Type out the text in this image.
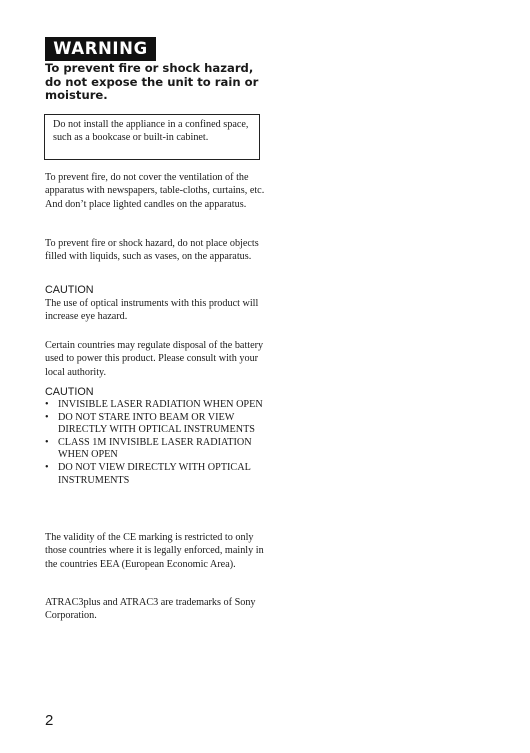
WARNING

To prevent fire or shock hazard, do not expose the unit to rain or moisture.

Do not install the appliance in a confined space, such as a bookcase or built-in cabinet.

To prevent fire, do not cover the ventilation of the apparatus with newspapers, table-cloths, curtains, etc. And don’t place lighted candles on the apparatus.

To prevent fire or shock hazard, do not place objects filled with liquids, such as vases, on the apparatus.

CAUTION
The use of optical instruments with this product will increase eye hazard.

Certain countries may regulate disposal of the battery used to power this product. Please consult with your local authority.

CAUTION
• INVISIBLE LASER RADIATION WHEN OPEN
• DO NOT STARE INTO BEAM OR VIEW DIRECTLY WITH OPTICAL INSTRUMENTS
• CLASS 1M INVISIBLE LASER RADIATION WHEN OPEN
• DO NOT VIEW DIRECTLY WITH OPTICAL INSTRUMENTS

The validity of the CE marking is restricted to only those countries where it is legally enforced, mainly in the countries EEA (European Economic Area).

ATRAC3plus and ATRAC3 are trademarks of Sony Corporation.

2
